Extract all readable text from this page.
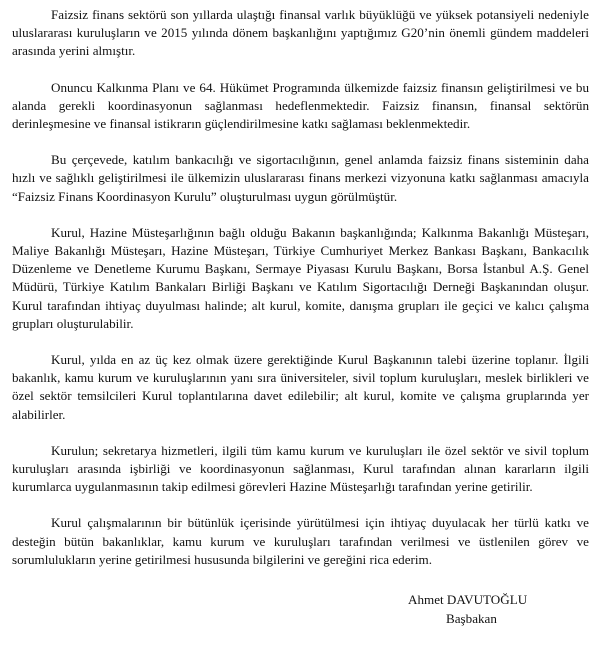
Faizsiz finans sektörü son yıllarda ulaştığı finansal varlık büyüklüğü ve yüksek potansiyeli nedeniyle uluslararası kuruluşların ve 2015 yılında dönem başkanlığını yaptığımız G20’nin önemli gündem maddeleri arasında yerini almıştır.

Onuncu Kalkınma Planı ve 64. Hükümet Programında ülkemizde faizsiz finansın geliştirilmesi ve bu alanda gerekli koordinasyonun sağlanması hedeflenmektedir. Faizsiz finansın, finansal sektörün derinleşmesine ve finansal istikrarın güçlendirilmesine katkı sağlaması beklenmektedir.

Bu çerçevede, katılım bankacılığı ve sigortacılığının, genel anlamda faizsiz finans sisteminin daha hızlı ve sağlıklı geliştirilmesi ile ülkemizin uluslararası finans merkezi vizyonuna katkı sağlanması amacıyla “Faizsiz Finans Koordinasyon Kurulu” oluşturulması uygun görülmüştür.

Kurul, Hazine Müsteşarlığının bağlı olduğu Bakanın başkanlığında; Kalkınma Bakanlığı Müsteşarı, Maliye Bakanlığı Müsteşarı, Hazine Müsteşarı, Türkiye Cumhuriyet Merkez Bankası Başkanı, Bankacılık Düzenleme ve Denetleme Kurumu Başkanı, Sermaye Piyasası Kurulu Başkanı, Borsa İstanbul A.Ş. Genel Müdürü, Türkiye Katılım Bankaları Birliği Başkanı ve Katılım Sigortacılığı Derneği Başkanından oluşur. Kurul tarafından ihtiyaç duyulması halinde; alt kurul, komite, danışma grupları ile geçici ve kalıcı çalışma grupları oluşturulabilir.

Kurul, yılda en az üç kez olmak üzere gerektiğinde Kurul Başkanının talebi üzerine toplanır. İlgili bakanlık, kamu kurum ve kuruluşlarının yanı sıra üniversiteler, sivil toplum kuruluşları, meslek birlikleri ve özel sektör temsilcileri Kurul toplantılarına davet edilebilir; alt kurul, komite ve çalışma gruplarında yer alabilirler.

Kurulun; sekretarya hizmetleri, ilgili tüm kamu kurum ve kuruluşları ile özel sektör ve sivil toplum kuruluşları arasında işbirliği ve koordinasyonun sağlanması, Kurul tarafından alınan kararların ilgili kurumlarca uygulanmasının takip edilmesi görevleri Hazine Müsteşarlığı tarafından yerine getirilir.

Kurul çalışmalarının bir bütünlük içerisinde yürütülmesi için ihtiyaç duyulacak her türlü katkı ve desteğin bütün bakanlıklar, kamu kurum ve kuruluşları tarafından verilmesi ve üstlenilen görev ve sorumlulukların yerine getirilmesi hususunda bilgilerini ve gereğini rica ederim.

Ahmet DAVUTOĞLU
Başbakan
